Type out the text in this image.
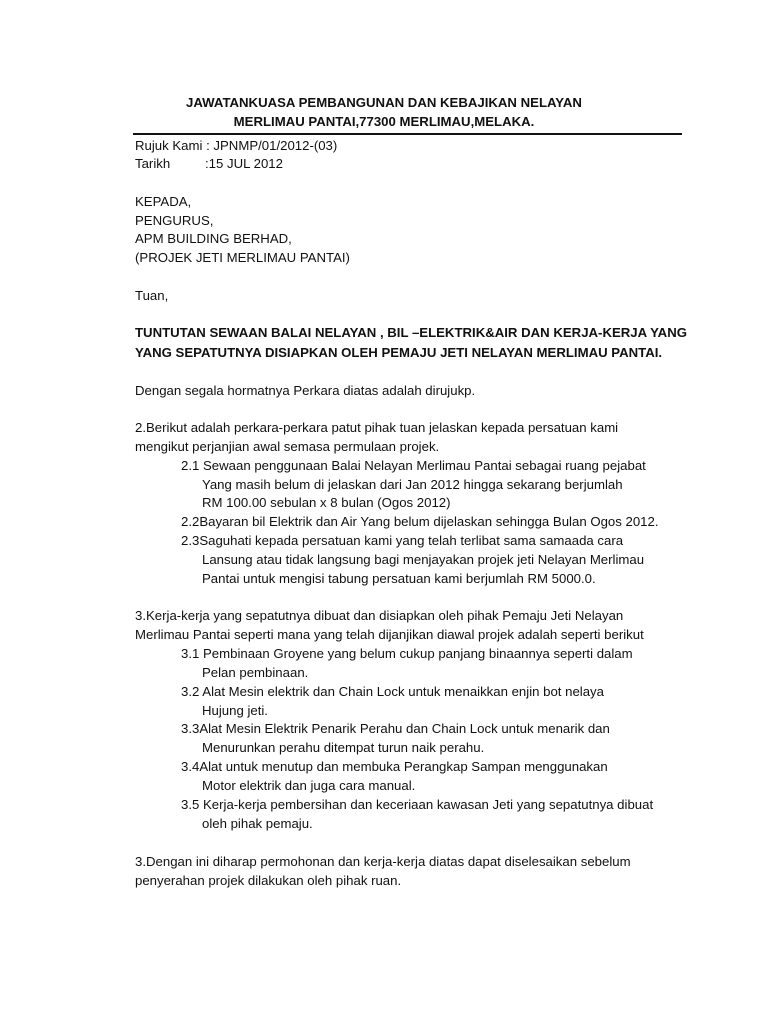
JAWATANKUASA PEMBANGUNAN DAN KEBAJIKAN NELAYAN
MERLIMAU PANTAI,77300 MERLIMAU,MELAKA.
Rujuk Kami : JPNMP/01/2012-(03)
Tarikh	:15 JUL 2012
KEPADA,
PENGURUS,
APM BUILDING BERHAD,
(PROJEK JETI MERLIMAU PANTAI)
Tuan,
TUNTUTAN SEWAAN BALAI NELAYAN , BIL –ELEKTRIK&AIR DAN KERJA-KERJA YANG
YANG SEPATUTNYA DISIAPKAN OLEH PEMAJU JETI NELAYAN MERLIMAU PANTAI.
Dengan segala hormatnya Perkara diatas adalah dirujukp.
2.Berikut adalah perkara-perkara patut pihak tuan jelaskan kepada persatuan kami
mengikut perjanjian awal semasa permulaan projek.
2.1 Sewaan penggunaan Balai Nelayan Merlimau Pantai sebagai ruang pejabat
Yang masih belum di jelaskan dari Jan 2012 hingga sekarang berjumlah
RM 100.00 sebulan x 8 bulan (Ogos 2012)
2.2Bayaran bil Elektrik dan Air Yang belum dijelaskan sehingga Bulan Ogos 2012.
2.3Saguhati kepada persatuan kami yang telah terlibat sama samaada cara
Lansung atau tidak langsung bagi menjayakan projek jeti Nelayan Merlimau
Pantai untuk mengisi tabung persatuan kami berjumlah RM 5000.0.
3.Kerja-kerja yang sepatutnya dibuat dan disiapkan oleh pihak Pemaju Jeti Nelayan
Merlimau Pantai seperti mana yang telah dijanjikan diawal projek adalah seperti berikut
3.1 Pembinaan Groyene yang belum cukup panjang binaannya seperti dalam
Pelan pembinaan.
3.2 Alat Mesin elektrik dan Chain Lock untuk menaikkan enjin bot nelaya
Hujung jeti.
3.3Alat Mesin Elektrik Penarik Perahu dan Chain Lock untuk menarik dan
Menurunkan perahu ditempat turun naik perahu.
3.4Alat untuk menutup dan membuka Perangkap Sampan menggunakan
Motor elektrik dan juga cara manual.
3.5 Kerja-kerja pembersihan dan keceriaan kawasan Jeti yang sepatutnya dibuat
oleh pihak pemaju.
3.Dengan ini diharap permohonan dan kerja-kerja diatas dapat diselesaikan sebelum
penyerahan projek dilakukan oleh pihak ruan.
